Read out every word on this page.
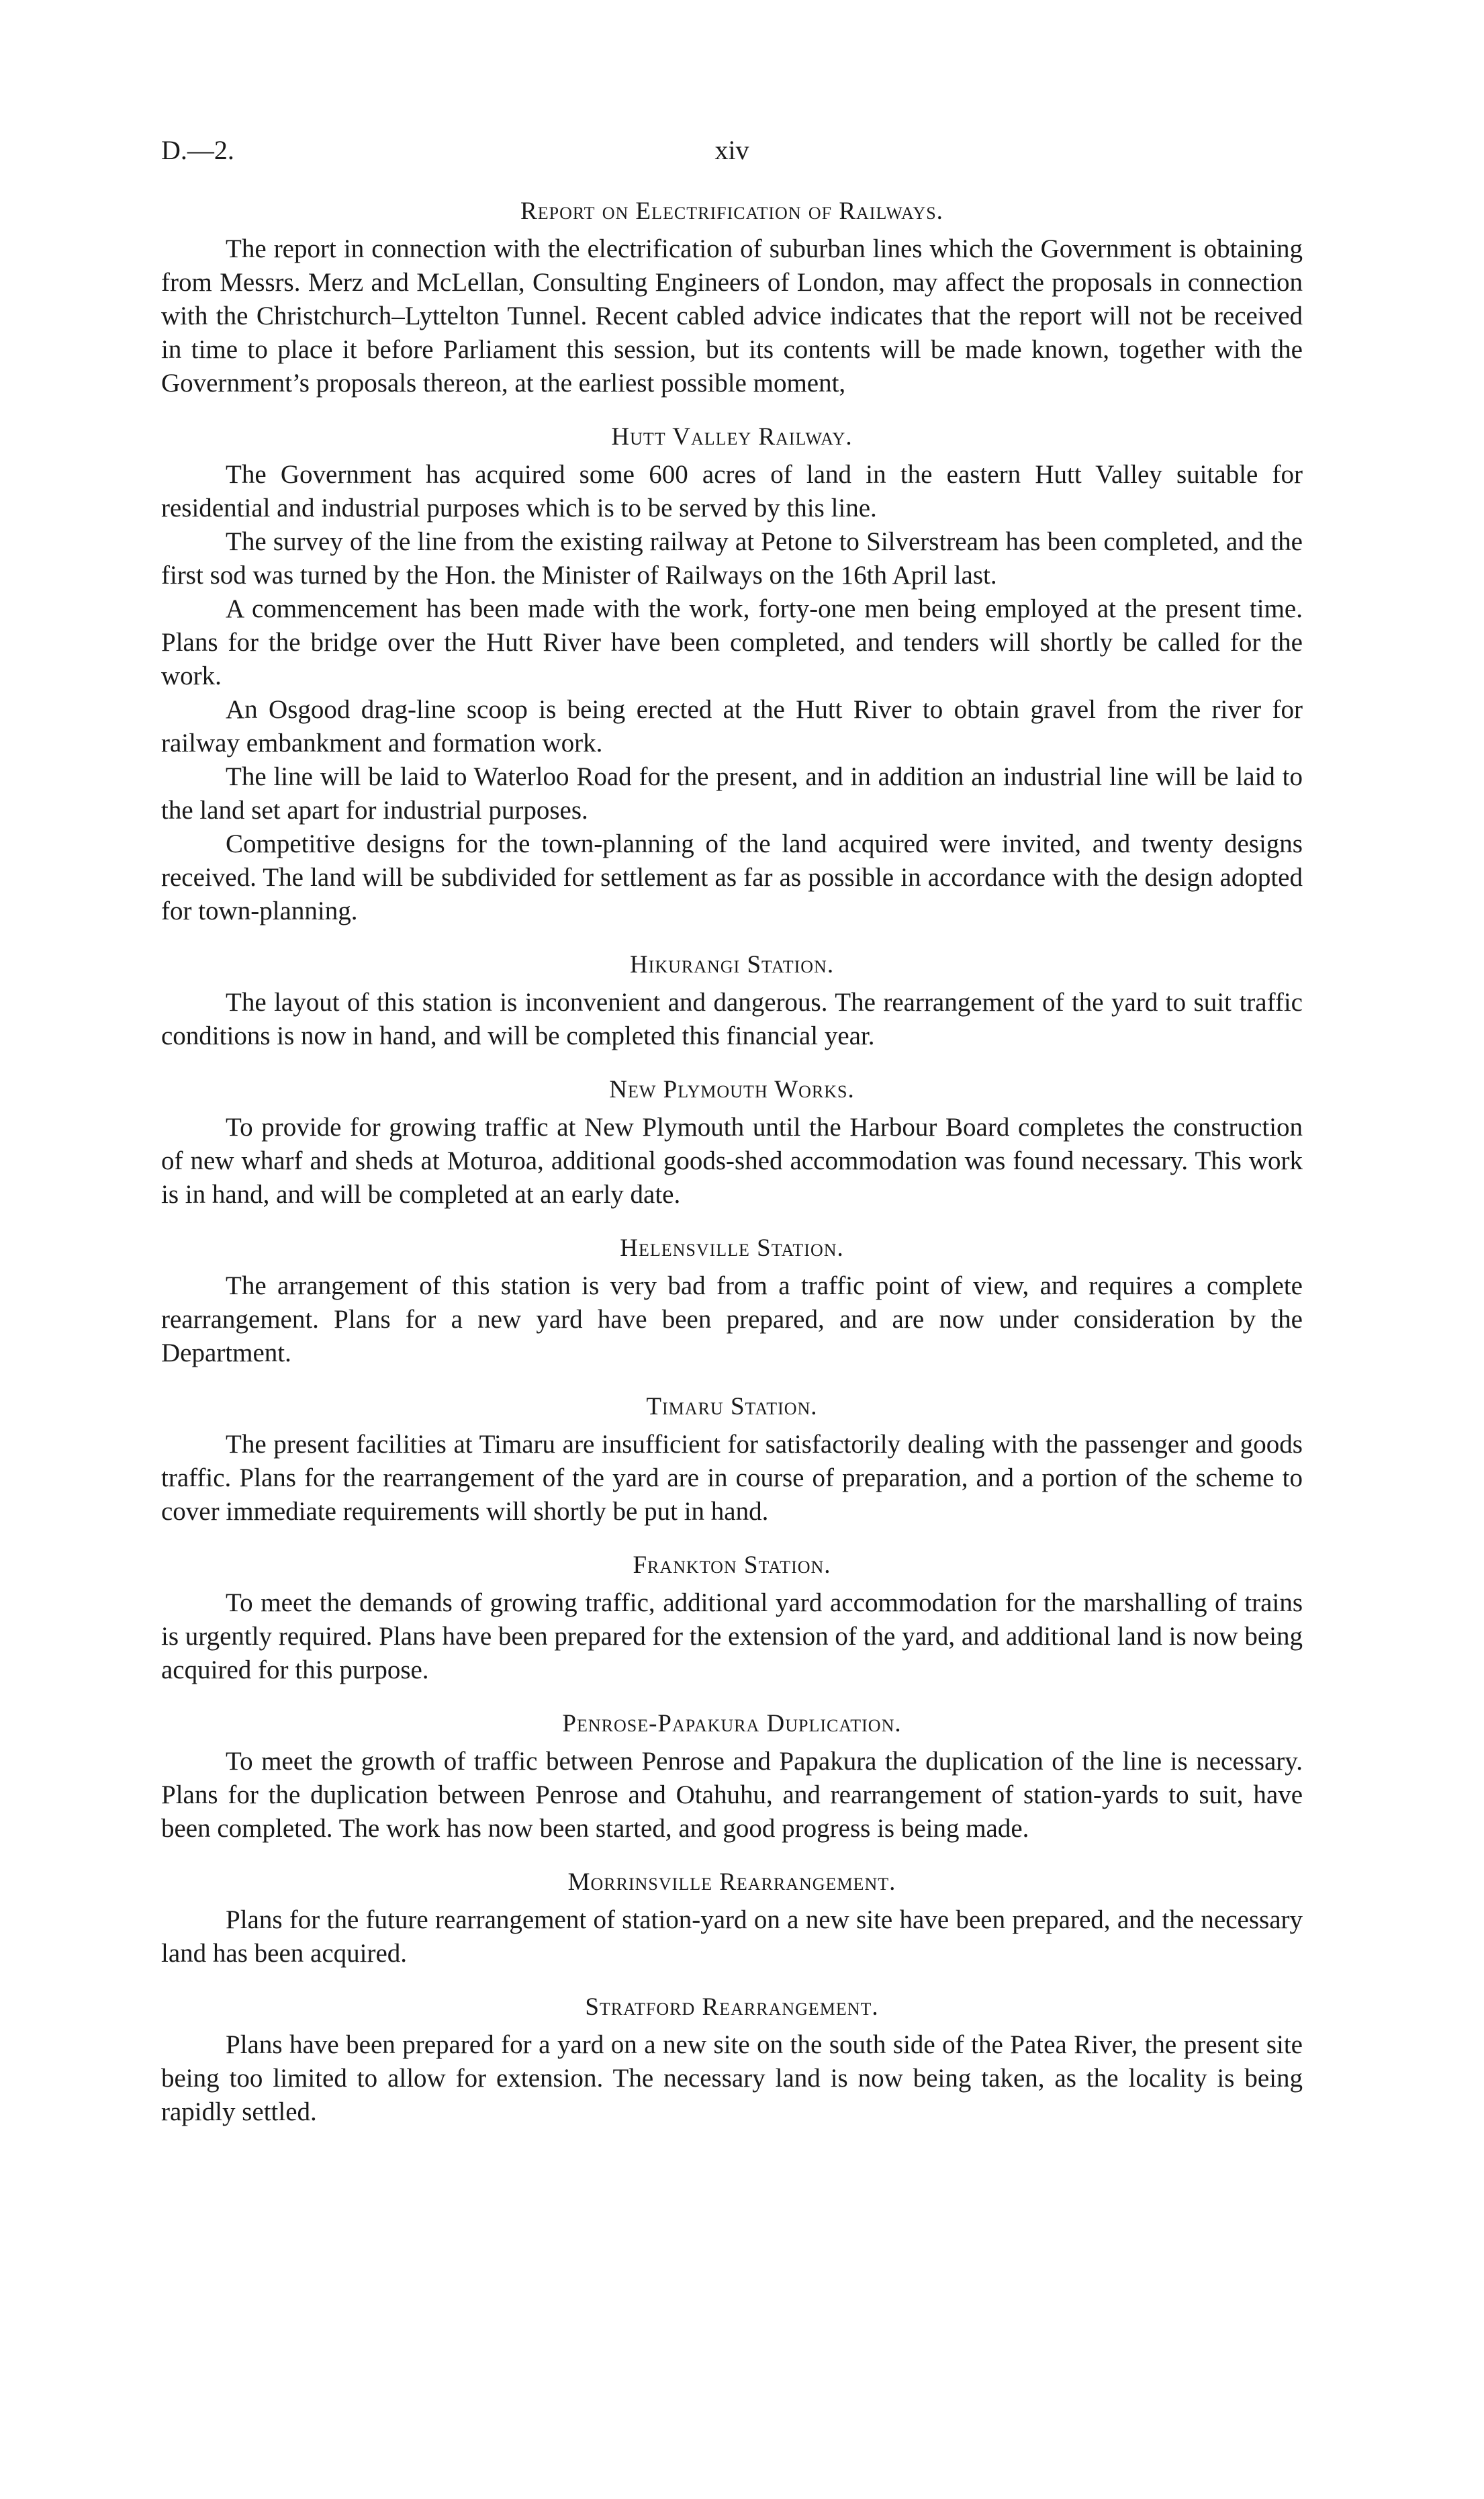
D.—2.	xiv
Report on Electrification of Railways.

The report in connection with the electrification of suburban lines which the Government is obtaining from Messrs. Merz and McLellan, Consulting Engineers of London, may affect the proposals in connection with the Christchurch–Lyttelton Tunnel. Recent cabled advice indicates that the report will not be received in time to place it before Parliament this session, but its contents will be made known, together with the Government’s proposals thereon, at the earliest possible moment,

Hutt Valley Railway.

The Government has acquired some 600 acres of land in the eastern Hutt Valley suitable for residential and industrial purposes which is to be served by this line.

The survey of the line from the existing railway at Petone to Silverstream has been completed, and the first sod was turned by the Hon. the Minister of Railways on the 16th April last.

A commencement has been made with the work, forty-one men being employed at the present time. Plans for the bridge over the Hutt River have been completed, and tenders will shortly be called for the work.

An Osgood drag-line scoop is being erected at the Hutt River to obtain gravel from the river for railway embankment and formation work.

The line will be laid to Waterloo Road for the present, and in addition an industrial line will be laid to the land set apart for industrial purposes.

Competitive designs for the town-planning of the land acquired were invited, and twenty designs received. The land will be subdivided for settlement as far as possible in accordance with the design adopted for town-planning.

Hikurangi Station.

The layout of this station is inconvenient and dangerous. The rearrangement of the yard to suit traffic conditions is now in hand, and will be completed this financial year.

New Plymouth Works.

To provide for growing traffic at New Plymouth until the Harbour Board completes the construction of new wharf and sheds at Moturoa, additional goods-shed accommodation was found necessary. This work is in hand, and will be completed at an early date.

Helensville Station.

The arrangement of this station is very bad from a traffic point of view, and requires a complete rearrangement. Plans for a new yard have been prepared, and are now under consideration by the Department.

Timaru Station.

The present facilities at Timaru are insufficient for satisfactorily dealing with the passenger and goods traffic. Plans for the rearrangement of the yard are in course of preparation, and a portion of the scheme to cover immediate requirements will shortly be put in hand.

Frankton Station.

To meet the demands of growing traffic, additional yard accommodation for the marshalling of trains is urgently required. Plans have been prepared for the extension of the yard, and additional land is now being acquired for this purpose.

Penrose-Papakura Duplication.

To meet the growth of traffic between Penrose and Papakura the duplication of the line is necessary. Plans for the duplication between Penrose and Otahuhu, and rearrangement of station-yards to suit, have been completed. The work has now been started, and good progress is being made.

Morrinsville Rearrangement.

Plans for the future rearrangement of station-yard on a new site have been prepared, and the necessary land has been acquired.

Stratford Rearrangement.

Plans have been prepared for a yard on a new site on the south side of the Patea River, the present site being too limited to allow for extension. The necessary land is now being taken, as the locality is being rapidly settled.
